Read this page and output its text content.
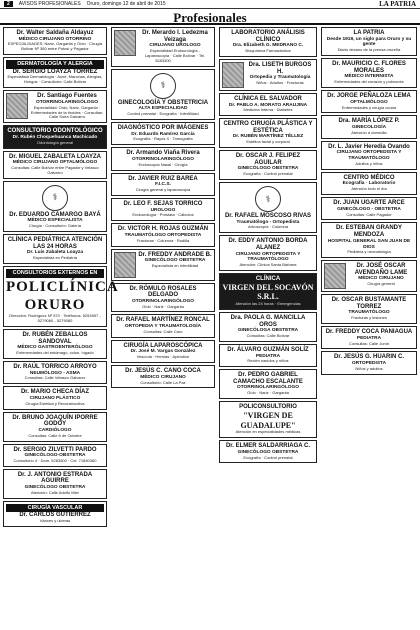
2	AVISOS PROFESIONALES Oruro, domingo 12 de abril de 2015	LA PATRIA
Profesionales
Dr. Walter Saldaña Aldayuz
MÉDICO CIRUJANO OTORRINO
ESPECIALIDADES: Nariz, Garganta y Oído · Cirugía Bolivar Nº 360 entre Potosí y Pagador
DERMATOLOGÍA Y ALERGIA
Dr. SERGIO LOAYZA TORREZ
Especialista Dermatología · Acné, Manchas, Alergias, Hongos · Consultorio: Calle Bolívar
Dr. Santiago Fuentes
OTORRINOLARINGÓLOGO
Especialidad: Oído, Nariz, Garganta · Enfermedades de la tiroides · Consultas: Calle Soria Galvarro
CONSULTORIO ODONTOLÓGICO
Dr. Rubén Choquehuanca Machicado
Odontología general
Dr. MIGUEL ZABALETA LOAYZA
MÉDICO CIRUJANO OFTALMÓLOGO
Consultas: Calle Bolívar entre Pagador y Velasco Galvarro
⚕
Dr. EDUARDO CAMARGO BAYÁ
MÉDICO ESPECIALISTA
Cirugía · Consultorio: Galería
CLÍNICA PEDIÁTRICA ATENCIÓN LAS 24 HORAS
Dr. Luis Zabaleta Loayza
Especialista en Pediatría
CONSULTORIOS EXTERNOS EN
POLICLÍNICA ORURO
Dirección: Rodríguez Nº 570 · Teléfonos: 5253957 - 5279060 - 5279080
Dr. RUBÉN ZEBALLOS SANDOVAL
MÉDICO GASTROENTERÓLOGO
Enfermedades del estómago, colon, hígado
Dr. RAÚL TORRICO ARROYO
NEUMÓLOGO - ASMA
Consultas: Calle Velasco Galvarro
Dr. MARIO CHECA DÍAZ
CIRUJANO PLÁSTICO
Cirugía Estética y Reconstructiva
Dr. BRUNO JOAQUÍN IPORRE GODOY
CARDIÓLOGO
Consultas: Calle 6 de Octubre
Dr. SERGIO ZILVETTI PARDO
GINECÓLOGO-OBSTETRA
Consultorio 4 · Dom. 5283500 · Cel. 71840360
Dr. J. ANTONIO ESTRADA AGUIRRE
GINECÓLOGO OBSTETRA
Atención: Calle Adolfo Mier
CIRUGÍA VASCULAR
Dr. CARLOS GUTIÉRREZ
Várices y úlceras
Dr. Merardo I. Ledezma Veizaga
CIRUJANO UROLOGO
Especialidad Endourología - Laparoscopía · Calle Bolívar · Tel. 5283300
⚕
GINECOLOGÍA Y OBSTETRICIA
ALTA ESPECIALIDAD
Control prenatal · Ecografía · Infertilidad
DIAGNÓSTICO POR IMÁGENES
Dr. Eduardo Ramírez García
Ecografía · Rayos X · Tomografía
Dr. Armando Viaña Rivera
OTORRINOLARINGÓLOGO
Endoscopía Nasal · Cirugía
Dr. JAVIER RUIZ BAREA
F.I.C.S.
Cirugía general y laparoscopía
Dr. LEO F. SEJAS TORRICO
UROLOGO
Endourología · Próstata · Cálculos
Dr. VICTOR H. ROJAS GUZMÁN
TRAUMATÓLOGO ORTOPEDISTA
Fracturas · Columna · Rodilla
Dr. FREDDY ANDRADE B.
GINECÓLOGO OBSTETRA
Especialista en Infertilidad
Dr. RÓMULO ROSALES DELGADO
OTORRINOLARINGÓLOGO
Oído · Nariz · Garganta
Dr. RAFAEL MARTÍNEZ RONCAL
ORTOPEDIA Y TRAUMATOLOGÍA
Consultas: Calle Caro
CIRUGÍA LAPAROSCÓPICA
Dr. José M. Vargas González
Vesícula · Hernias · Apéndice
Dr. JESÚS C. CANO COCA
MÉDICO CIRUJANO
Consultorio: Calle La Paz
LABORATORIO ANÁLISIS CLÍNICO
Dra. Elizabeth G. MEDRANO C.
Bioquímica Farmacéutica
Dra. LISETH BURGOS H.
Ortopedia y Traumatología
Niños · Adultos · Fracturas
CLÍNICA EL SALVADOR
Dr. PABLO A. MORATO ARAUJINA
Medicina Interna · Diabetes
CENTRO CIRUGÍA PLÁSTICA Y ESTÉTICA
Dr. RUBÉN MARTÍNEZ TÉLLEZ
Estética facial y corporal
Dr. OSCAR J. FELIPEZ AGUILAR
GINECÓLOGO OBSTETRA
Ecografía · Control prenatal
⚕
Dr. RAFAEL MOSCOSO RIVAS
Traumatólogo - Ortopedista
Artroscopía · Columna
Dr. EDDY ANTONIO BORDA ALANEZ
CIRUJANO ORTOPEDISTA Y TRAUMATÓLOGO
Atención: Clínica Santa Bárbara
CLÍNICA
VIRGEN DEL SOCAVÓN S.R.L.
Atención las 24 horas · Emergencias
Dra. PAOLA G. MANCILLA OROS
GINECÓLOGA OBSTETRA
Consultas: Calle Bolívar
Dr. ÁLVARO GUZMÁN SOLÍZ
PEDIATRA
Recién nacidos y niños
Dr. PEDRO GABRIEL CAMACHO ESCALANTE
OTORRINOLARINGÓLOGO
Oído · Nariz · Garganta
POLICONSULTORIO
"VIRGEN DE GUADALUPE"
Atención en especialidades médicas
Dr. ELMER SALDARRIAGA C.
GINECÓLOGO OBSTETRA
Ecografía · Control prenatal
LA PATRIA
Desde 1919, un siglo para Oruro y su gente
Diario decano de la prensa orureña
Dr. MAURICIO C. FLORES MORALES
MÉDICO INTERNISTA
Enfermedades del corazón y pulmones
Dr. JORGE PEÑALOZA LEMA
OFTALMÓLOGO
Enfermedades y cirugía ocular
Dra. MARÍA LÓPEZ P.
GINECOLOGÍA
Atención a domicilio
Dr. L. Javier Heredia Ovando
CIRUJANO ORTOPEDISTA Y TRAUMATÓLOGO
Adultos y niños
CENTRO MÉDICO
Ecografía · Laboratorio
Atención todo el día
Dr. JUAN UGARTE ARCE
GINECÓLOGO - OBSTETRA
Consultas: Calle Pagador
Dr. ESTEBAN GRANDY MENDOZA
HOSPITAL GENERAL SAN JUAN DE DIOS
Pediatría y neonatología
Dr. JOSÉ OSCAR AVENDAÑO LAME
MÉDICO CIRUJANO
Cirugía general
Dr. OSCAR BUSTAMANTE TORREZ
TRAUMATÓLOGO
Fracturas y lesiones
Dr. FREDDY COCA PANIAGUA
PEDIATRA
Consultas: Calle Junín
Dr. JESÚS G. HUARIN C.
ORTOPEDISTA
Niños y adultos
